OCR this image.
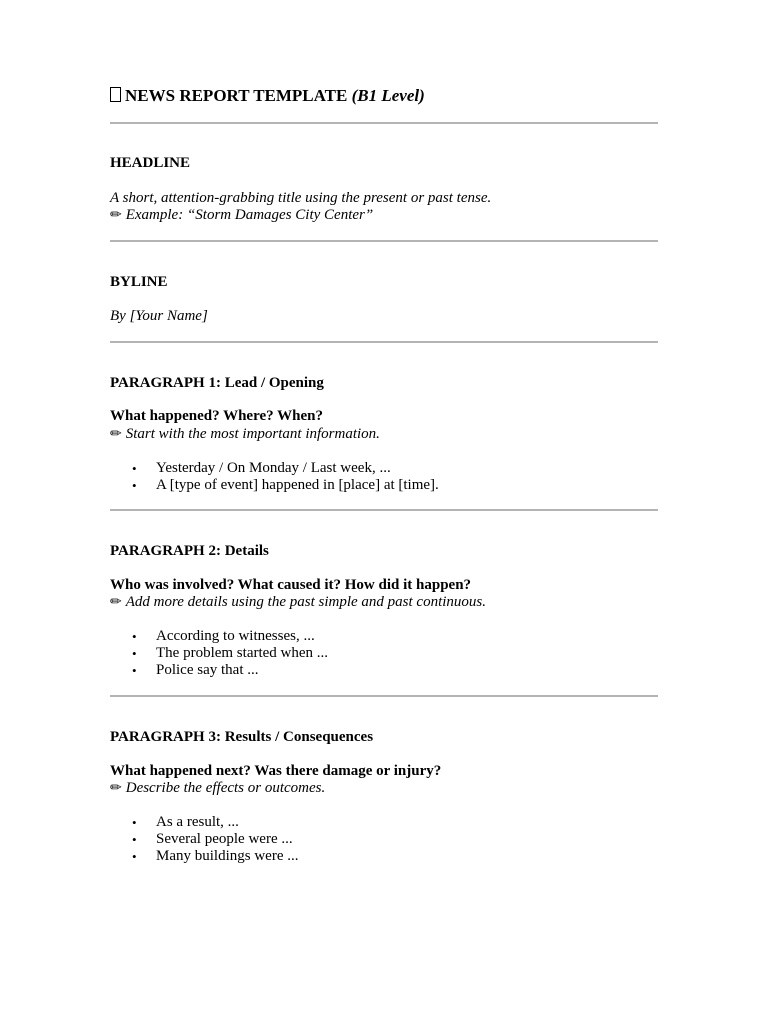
NEWS REPORT TEMPLATE (B1 Level)
HEADLINE
A short, attention-grabbing title using the present or past tense.
✏ Example: “Storm Damages City Center”
BYLINE
By [Your Name]
PARAGRAPH 1: Lead / Opening
What happened? Where? When?
✏ Start with the most important information.
• Yesterday / On Monday / Last week, ...
• A [type of event] happened in [place] at [time].
PARAGRAPH 2: Details
Who was involved? What caused it? How did it happen?
✏ Add more details using the past simple and past continuous.
• According to witnesses, ...
• The problem started when ...
• Police say that ...
PARAGRAPH 3: Results / Consequences
What happened next? Was there damage or injury?
✏ Describe the effects or outcomes.
• As a result, ...
• Several people were ...
• Many buildings were ...
